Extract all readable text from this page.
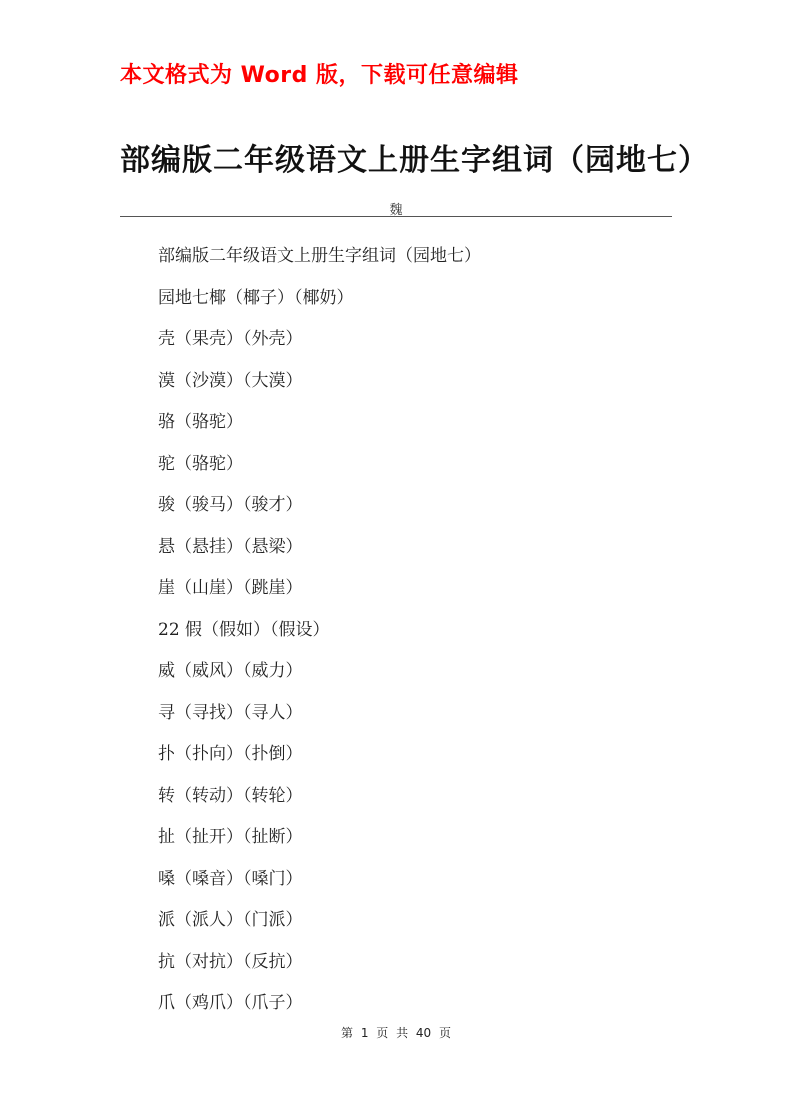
本文格式为 Word 版，下载可任意编辑
部编版二年级语文上册生字组词（园地七）
魏
部编版二年级语文上册生字组词（园地七）
园地七椰（椰子）（椰奶）
壳（果壳）（外壳）
漠（沙漠）（大漠）
骆（骆驼）
驼（骆驼）
骏（骏马）（骏才）
悬（悬挂）（悬梁）
崖（山崖）（跳崖）
22 假（假如）（假设）
威（威风）（威力）
寻（寻找）（寻人）
扑（扑向）（扑倒）
转（转动）（转轮）
扯（扯开）（扯断）
嗓（嗓音）（嗓门）
派（派人）（门派）
抗（对抗）（反抗）
爪（鸡爪）（爪子）
第 1 页 共 40 页
